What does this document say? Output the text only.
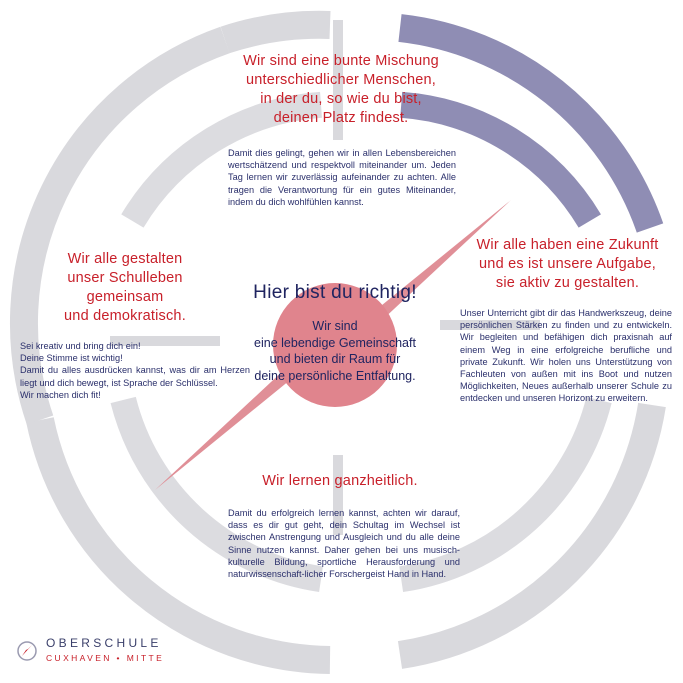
Wir sind eine bunte Mischung
unterschiedlicher Menschen,
in der du, so wie du bist,
deinen Platz findest.
Damit dies gelingt, gehen wir in allen Lebensbereichen wertschätzend und respektvoll miteinander um. Jeden Tag lernen wir zuverlässig aufeinander zu achten. Alle tragen die Verantwortung für ein gutes Miteinander, indem du dich wohlfühlen kannst.
Wir alle gestalten
unser Schulleben
gemeinsam
und demokratisch.
Sei kreativ und bring dich ein!
Deine Stimme ist wichtig!
Damit du alles ausdrücken kannst, was dir am Herzen liegt und dich bewegt, ist Sprache der Schlüssel.
Wir machen dich fit!
Wir alle haben eine Zukunft
und es ist unsere Aufgabe,
sie aktiv zu gestalten.
Unser Unterricht gibt dir das Handwerkszeug, deine persönlichen Stärken zu finden und zu entwickeln. Wir begleiten und befähigen dich praxisnah auf einem Weg in eine erfolgreiche berufliche und private Zukunft. Wir holen uns Unterstützung von Fachleuten von außen mit ins Boot und nutzen Möglichkeiten, Neues außerhalb unserer Schule zu entdecken und unseren Horizont zu erweitern.
Hier bist du richtig!
Wir sind
eine lebendige Gemeinschaft
und bieten dir Raum für
deine persönliche Entfaltung.
Wir lernen ganzheitlich.
Damit du erfolgreich lernen kannst, achten wir darauf, dass es dir gut geht, dein Schultag im Wechsel ist zwischen Anstrengung und Ausgleich und du alle deine Sinne nutzen kannst. Daher gehen bei uns musisch-kulturelle Bildung, sportliche Herausforderung und naturwissenschaft-licher Forschergeist Hand in Hand.
OBERSCHULE
CUXHAVEN • MITTE
